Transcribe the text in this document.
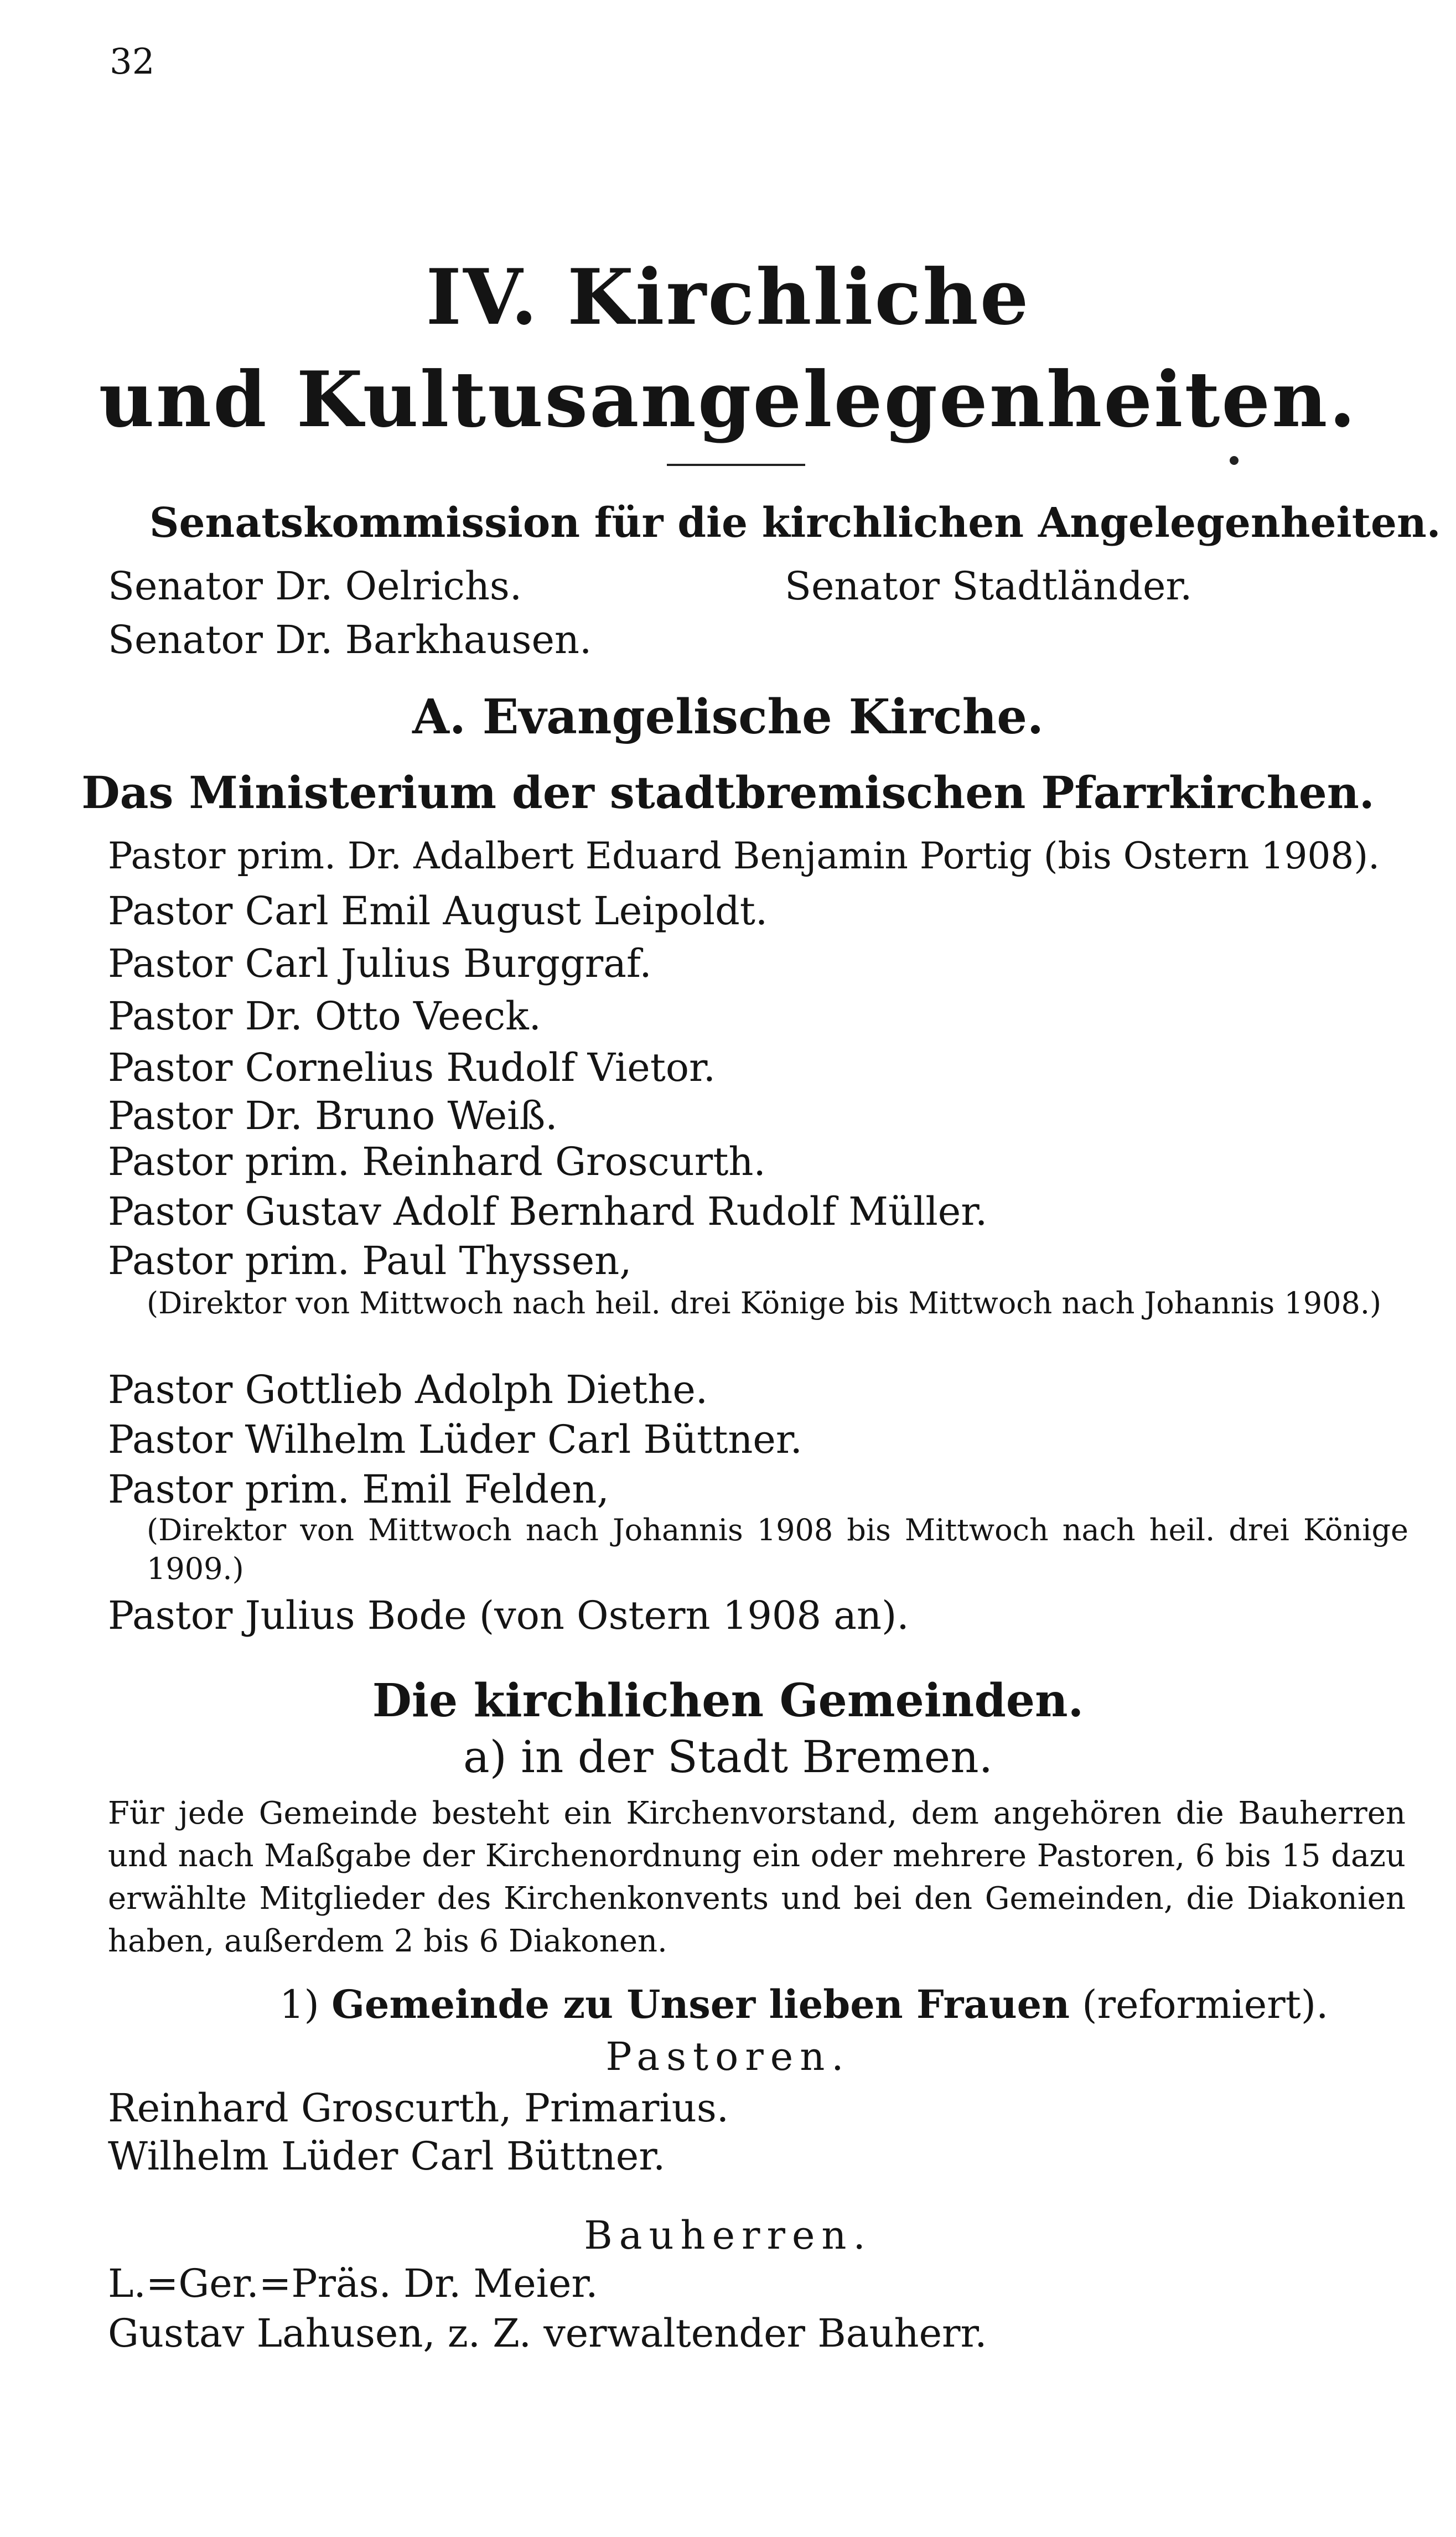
32
IV. Kirchliche
und Kultusangelegenheiten.
Senatskommission für die kirchlichen Angelegenheiten.
Senator Dr. Oelrichs.	Senator Stadtländer.
Senator Dr. Barkhausen.
A. Evangelische Kirche.
Das Ministerium der stadtbremischen Pfarrkirchen.
Pastor prim. Dr. Adalbert Eduard Benjamin Portig (bis Ostern 1908).
Pastor Carl Emil August Leipoldt.
Pastor Carl Julius Burggraf.
Pastor Dr. Otto Veeck.
Pastor Cornelius Rudolf Vietor.
Pastor Dr. Bruno Weiß.
Pastor prim. Reinhard Groscurth.
Pastor Gustav Adolf Bernhard Rudolf Müller.
Pastor prim. Paul Thyssen,
(Direktor von Mittwoch nach heil. drei Könige bis Mittwoch nach Johannis 1908.)
Pastor Gottlieb Adolph Diethe.
Pastor Wilhelm Lüder Carl Büttner.
Pastor prim. Emil Felden,
(Direktor von Mittwoch nach Johannis 1908 bis Mittwoch nach heil. drei Könige 1909.)
Pastor Julius Bode (von Ostern 1908 an).
Die kirchlichen Gemeinden.
a) in der Stadt Bremen.
Für jede Gemeinde besteht ein Kirchenvorstand, dem angehören die Bauherren und nach Maßgabe der Kirchenordnung ein oder mehrere Pastoren, 6 bis 15 dazu erwählte Mitglieder des Kirchenkonvents und bei den Gemeinden, die Diakonien haben, außerdem 2 bis 6 Diakonen.
1) Gemeinde zu Unser lieben Frauen (reformiert).
Pastoren.
Reinhard Groscurth, Primarius.
Wilhelm Lüder Carl Büttner.
Bauherren.
L.=Ger.=Präs. Dr. Meier.
Gustav Lahusen, z. Z. verwaltender Bauherr.
